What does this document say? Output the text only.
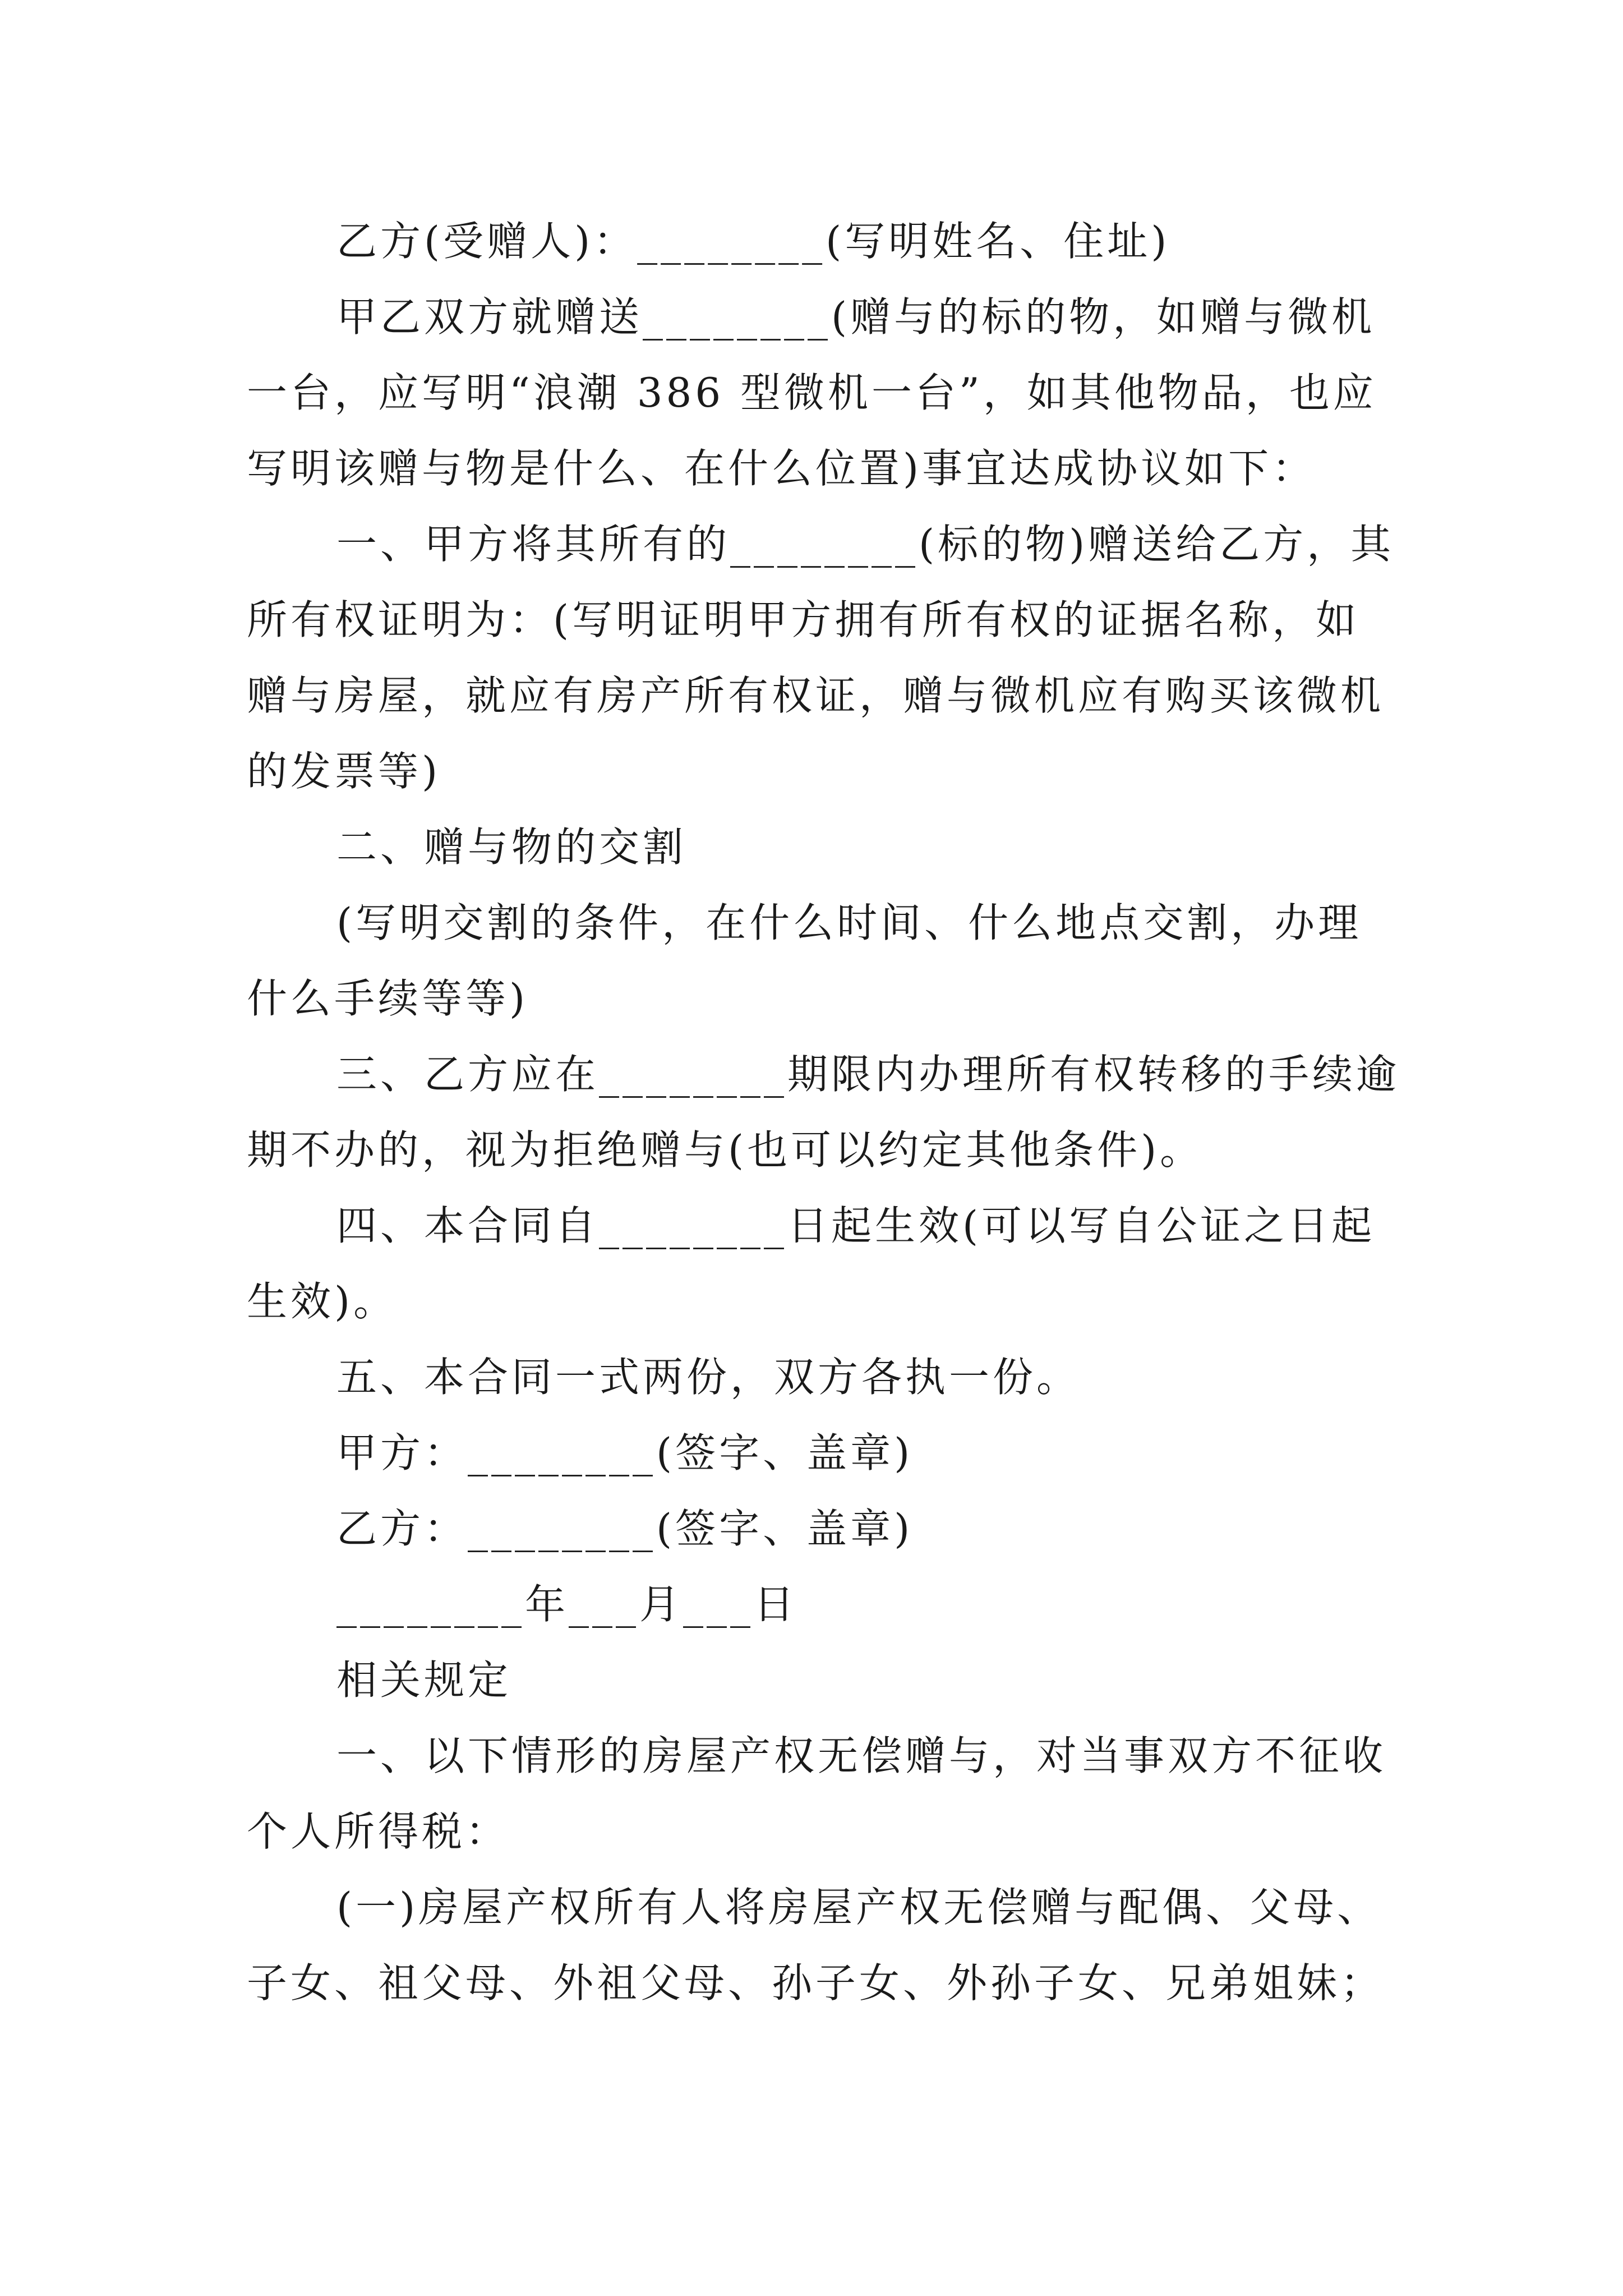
乙方(受赠人)：________(写明姓名、住址)
甲乙双方就赠送________(赠与的标的物，如赠与微机
一台，应写明“浪潮 386 型微机一台”，如其他物品，也应
写明该赠与物是什么、在什么位置)事宜达成协议如下：
一、甲方将其所有的________(标的物)赠送给乙方，其
所有权证明为：(写明证明甲方拥有所有权的证据名称，如
赠与房屋，就应有房产所有权证，赠与微机应有购买该微机
的发票等)
二、赠与物的交割
(写明交割的条件，在什么时间、什么地点交割，办理
什么手续等等)
三、乙方应在________期限内办理所有权转移的手续逾
期不办的，视为拒绝赠与(也可以约定其他条件)。
四、本合同自________日起生效(可以写自公证之日起
生效)。
五、本合同一式两份，双方各执一份。
甲方：________(签字、盖章)
乙方：________(签字、盖章)
________年___月___日
相关规定
一、以下情形的房屋产权无偿赠与，对当事双方不征收
个人所得税：
(一)房屋产权所有人将房屋产权无偿赠与配偶、父母、
子女、祖父母、外祖父母、孙子女、外孙子女、兄弟姐妹；
